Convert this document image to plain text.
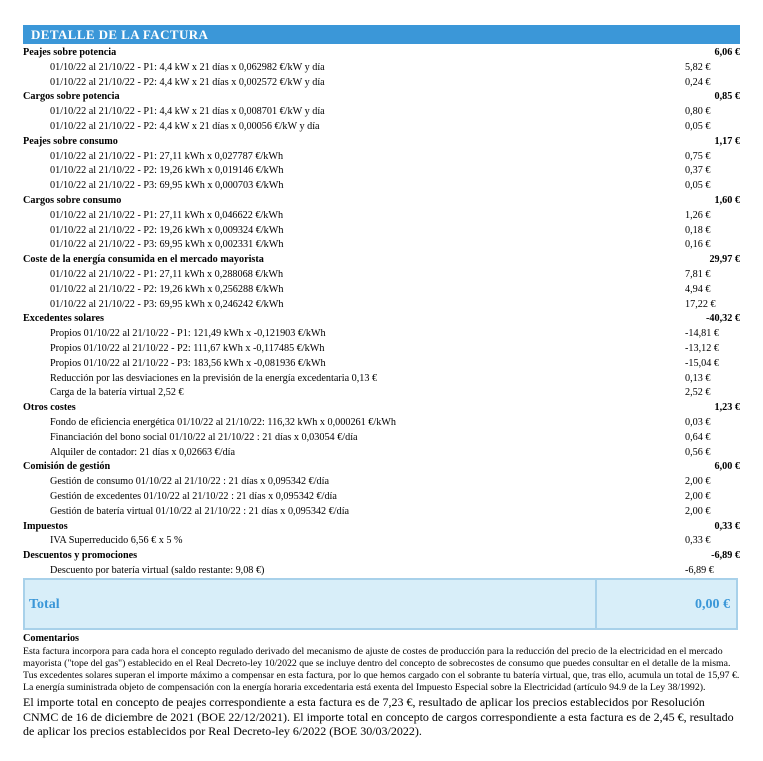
DETALLE DE LA FACTURA
Peajes sobre potencia	6,06 €
01/10/22 al 21/10/22 - P1: 4,4 kW x 21 días x 0,062982 €/kW y día	5,82 €
01/10/22 al 21/10/22 - P2: 4,4 kW x 21 días x 0,002572 €/kW y día	0,24 €
Cargos sobre potencia	0,85 €
01/10/22 al 21/10/22 - P1: 4,4 kW x 21 días x 0,008701 €/kW y día	0,80 €
01/10/22 al 21/10/22 - P2: 4,4 kW x 21 días x 0,00056 €/kW y día	0,05 €
Peajes sobre consumo	1,17 €
01/10/22 al 21/10/22 - P1: 27,11 kWh x 0,027787 €/kWh	0,75 €
01/10/22 al 21/10/22 - P2: 19,26 kWh x 0,019146 €/kWh	0,37 €
01/10/22 al 21/10/22 - P3: 69,95 kWh x 0,000703 €/kWh	0,05 €
Cargos sobre consumo	1,60 €
01/10/22 al 21/10/22 - P1: 27,11 kWh x 0,046622 €/kWh	1,26 €
01/10/22 al 21/10/22 - P2: 19,26 kWh x 0,009324 €/kWh	0,18 €
01/10/22 al 21/10/22 - P3: 69,95 kWh x 0,002331 €/kWh	0,16 €
Coste de la energía consumida en el mercado mayorista	29,97 €
01/10/22 al 21/10/22 - P1: 27,11 kWh x 0,288068 €/kWh	7,81 €
01/10/22 al 21/10/22 - P2: 19,26 kWh x 0,256288 €/kWh	4,94 €
01/10/22 al 21/10/22 - P3: 69,95 kWh x 0,246242 €/kWh	17,22 €
Excedentes solares	-40,32 €
Propios 01/10/22 al 21/10/22 - P1: 121,49 kWh x -0,121903 €/kWh	-14,81 €
Propios 01/10/22 al 21/10/22 - P2: 111,67 kWh x -0,117485 €/kWh	-13,12 €
Propios 01/10/22 al 21/10/22 - P3: 183,56 kWh x -0,081936 €/kWh	-15,04 €
Reducción por las desviaciones en la previsión de la energía excedentaria 0,13 €	0,13 €
Carga de la batería virtual 2,52 €	2,52 €
Otros costes	1,23 €
Fondo de eficiencia energética 01/10/22 al 21/10/22: 116,32 kWh x 0,000261 €/kWh	0,03 €
Financiación del bono social 01/10/22 al 21/10/22 : 21 días x 0,03054 €/día	0,64 €
Alquiler de contador: 21 días x 0,02663 €/día	0,56 €
Comisión de gestión	6,00 €
Gestión de consumo 01/10/22 al 21/10/22 : 21 días x 0,095342 €/día	2,00 €
Gestión de excedentes 01/10/22 al 21/10/22 : 21 días x 0,095342 €/día	2,00 €
Gestión de batería virtual 01/10/22 al 21/10/22 : 21 días x 0,095342 €/día	2,00 €
Impuestos	0,33 €
IVA Superreducido 6,56 € x 5 %	0,33 €
Descuentos y promociones	-6,89 €
Descuento por batería virtual (saldo restante: 9,08 €)	-6,89 €
Total	0,00 €
Comentarios
Esta factura incorpora para cada hora el concepto regulado derivado del mecanismo de ajuste de costes de producción para la reducción del precio de la electricidad en el mercado mayorista ("tope del gas") establecido en el Real Decreto-ley 10/2022 que se incluye dentro del concepto de sobrecostes de consumo que puedes consultar en el detalle de la misma. Tus excedentes solares superan el importe máximo a compensar en esta factura, por lo que hemos cargado con el sobrante tu batería virtual, que, tras ello, acumula un total de 15,97 €. La energía suministrada objeto de compensación con la energía horaria excedentaria está exenta del Impuesto Especial sobre la Electricidad (artículo 94.9 de la Ley 38/1992).
El importe total en concepto de peajes correspondiente a esta factura es de 7,23 €, resultado de aplicar los precios establecidos por Resolución CNMC de 16 de diciembre de 2021 (BOE 22/12/2021). El importe total en concepto de cargos correspondiente a esta factura es de 2,45 €, resultado de aplicar los precios establecidos por Real Decreto-ley 6/2022 (BOE 30/03/2022).
